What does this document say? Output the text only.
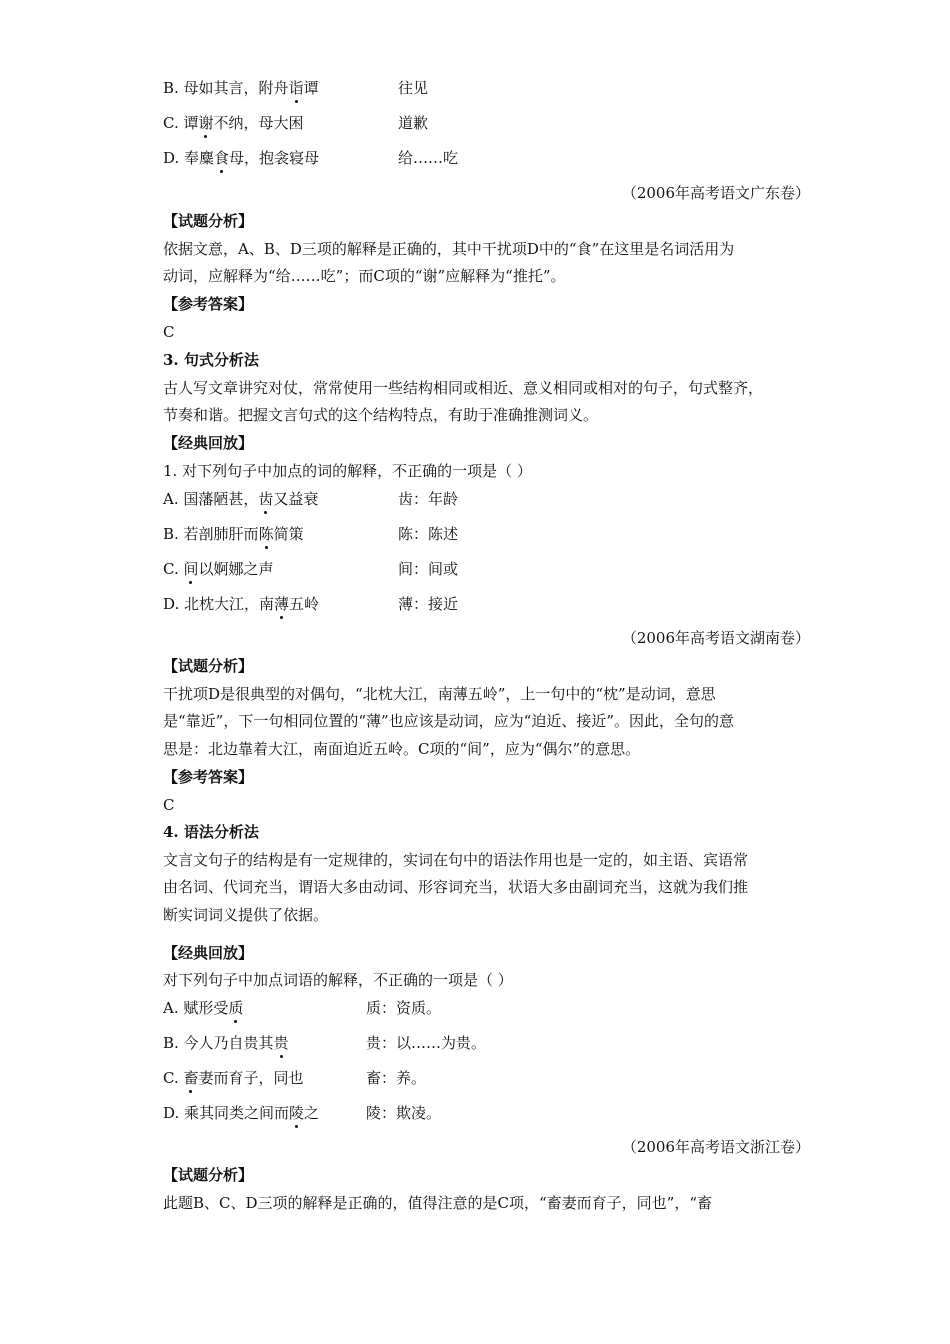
B. 母如其言，附舟诣谭	往见
C. 谭谢不纳，母大困	道歉
D. 奉麋食母，抱衾寝母	给……吃
（2006年高考语文广东卷）
【试题分析】
依据文意，A、B、D三项的解释是正确的，其中干扰项D中的“食”在这里是名词活用为
动词，应解释为“给……吃”；而C项的“谢”应解释为“推托”。
【参考答案】
C
3. 句式分析法
古人写文章讲究对仗，常常使用一些结构相同或相近、意义相同或相对的句子，句式整齐，
节奏和谐。把握文言句式的这个结构特点，有助于准确推测词义。
【经典回放】
1. 对下列句子中加点的词的解释，不正确的一项是（ ）
A. 国藩陋甚，齿又益衰	齿：年龄
B. 若剖肺肝而陈简策	陈：陈述
C. 间以婀娜之声	间：间或
D. 北枕大江，南薄五岭	薄：接近
（2006年高考语文湖南卷）
【试题分析】
干扰项D是很典型的对偶句，“北枕大江，南薄五岭”，上一句中的“枕”是动词，意思
是“靠近”，下一句相同位置的“薄”也应该是动词，应为“迫近、接近”。因此，全句的意
思是：北边靠着大江，南面迫近五岭。C项的“间”，应为“偶尔”的意思。
【参考答案】
C
4. 语法分析法
文言文句子的结构是有一定规律的，实词在句中的语法作用也是一定的，如主语、宾语常
由名词、代词充当，谓语大多由动词、形容词充当，状语大多由副词充当，这就为我们推
断实词词义提供了依据。
【经典回放】
对下列句子中加点词语的解释，不正确的一项是（ ）
A. 赋形受质	质：资质。
B. 今人乃自贵其贵	贵：以……为贵。
C. 畜妻而育子，同也	畜：养。
D. 乘其同类之间而陵之	陵：欺凌。
（2006年高考语文浙江卷）
【试题分析】
此题B、C、D三项的解释是正确的，值得注意的是C项，“畜妻而育子，同也”，“畜
